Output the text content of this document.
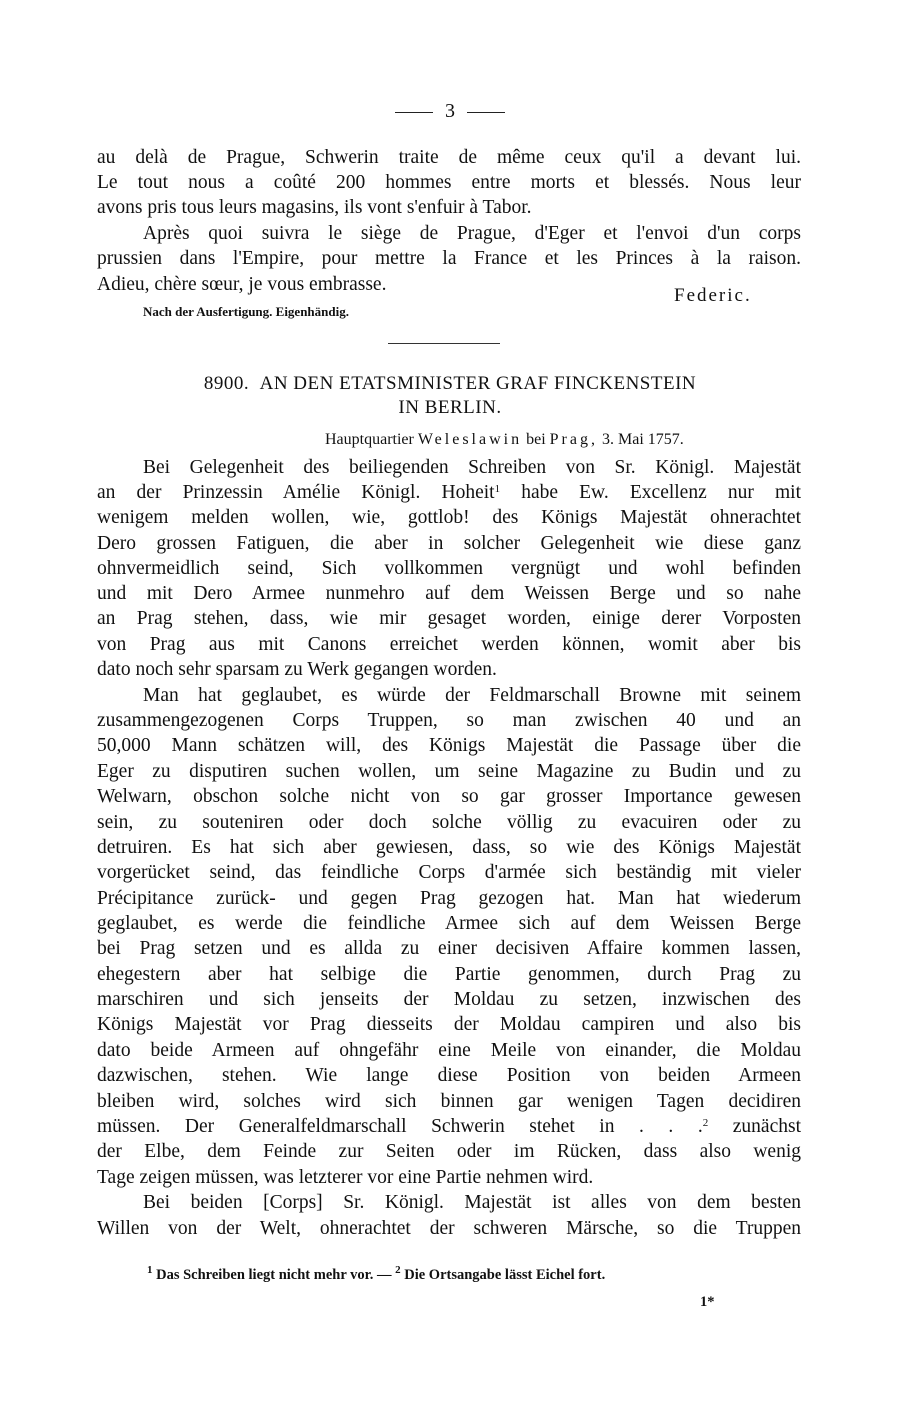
3
au delà de Prague, Schwerin traite de même ceux qu'il a devant lui.
Le tout nous a coûté 200 hommes entre morts et blessés. Nous leur
avons pris tous leurs magasins, ils vont s'enfuir à Tabor.
Après quoi suivra le siège de Prague, d'Eger et l'envoi d'un corps
prussien dans l'Empire, pour mettre la France et les Princes à la raison.
Adieu, chère sœur, je vous embrasse.
Federic.
Nach der Ausfertigung. Eigenhändig.
8900. AN DEN ETATSMINISTER GRAF FINCKENSTEIN
IN BERLIN.
Hauptquartier Weleslawin bei Prag, 3. Mai 1757.
Bei Gelegenheit des beiliegenden Schreiben von Sr. Königl. Majestät
an der Prinzessin Amélie Königl. Hoheit$^1$ habe Ew. Excellenz nur mit
wenigem melden wollen, wie, gottlob! des Königs Majestät ohnerachtet
Dero grossen Fatiguen, die aber in solcher Gelegenheit wie diese ganz
ohnvermeidlich seind, Sich vollkommen vergnügt und wohl befinden
und mit Dero Armee nunmehro auf dem Weissen Berge und so nahe
an Prag stehen, dass, wie mir gesaget worden, einige derer Vorposten
von Prag aus mit Canons erreichet werden können, womit aber bis
dato noch sehr sparsam zu Werk gegangen worden.
Man hat geglaubet, es würde der Feldmarschall Browne mit seinem
zusammengezogenen Corps Truppen, so man zwischen 40 und an
50,000 Mann schätzen will, des Königs Majestät die Passage über die
Eger zu disputiren suchen wollen, um seine Magazine zu Budin und zu
Welwarn, obschon solche nicht von so gar grosser Importance gewesen
sein, zu souteniren oder doch solche völlig zu evacuiren oder zu
detruiren. Es hat sich aber gewiesen, dass, so wie des Königs Majestät
vorgerücket seind, das feindliche Corps d'armée sich beständig mit vieler
Précipitance zurück- und gegen Prag gezogen hat. Man hat wiederum
geglaubet, es werde die feindliche Armee sich auf dem Weissen Berge
bei Prag setzen und es allda zu einer decisiven Affaire kommen lassen,
ehegestern aber hat selbige die Partie genommen, durch Prag zu
marschiren und sich jenseits der Moldau zu setzen, inzwischen des
Königs Majestät vor Prag diesseits der Moldau campiren und also bis
dato beide Armeen auf ohngefähr eine Meile von einander, die Moldau
dazwischen, stehen. Wie lange diese Position von beiden Armeen
bleiben wird, solches wird sich binnen gar wenigen Tagen decidiren
müssen. Der Generalfeldmarschall Schwerin stehet in . . .$^2$ zunächst
der Elbe, dem Feinde zur Seiten oder im Rücken, dass also wenig
Tage zeigen müssen, was letzterer vor eine Partie nehmen wird.
Bei beiden [Corps] Sr. Königl. Majestät ist alles von dem besten
Willen von der Welt, ohnerachtet der schweren Märsche, so die Truppen
$^1$ Das Schreiben liegt nicht mehr vor. — $^2$ Die Ortsangabe lässt Eichel fort.
1*
